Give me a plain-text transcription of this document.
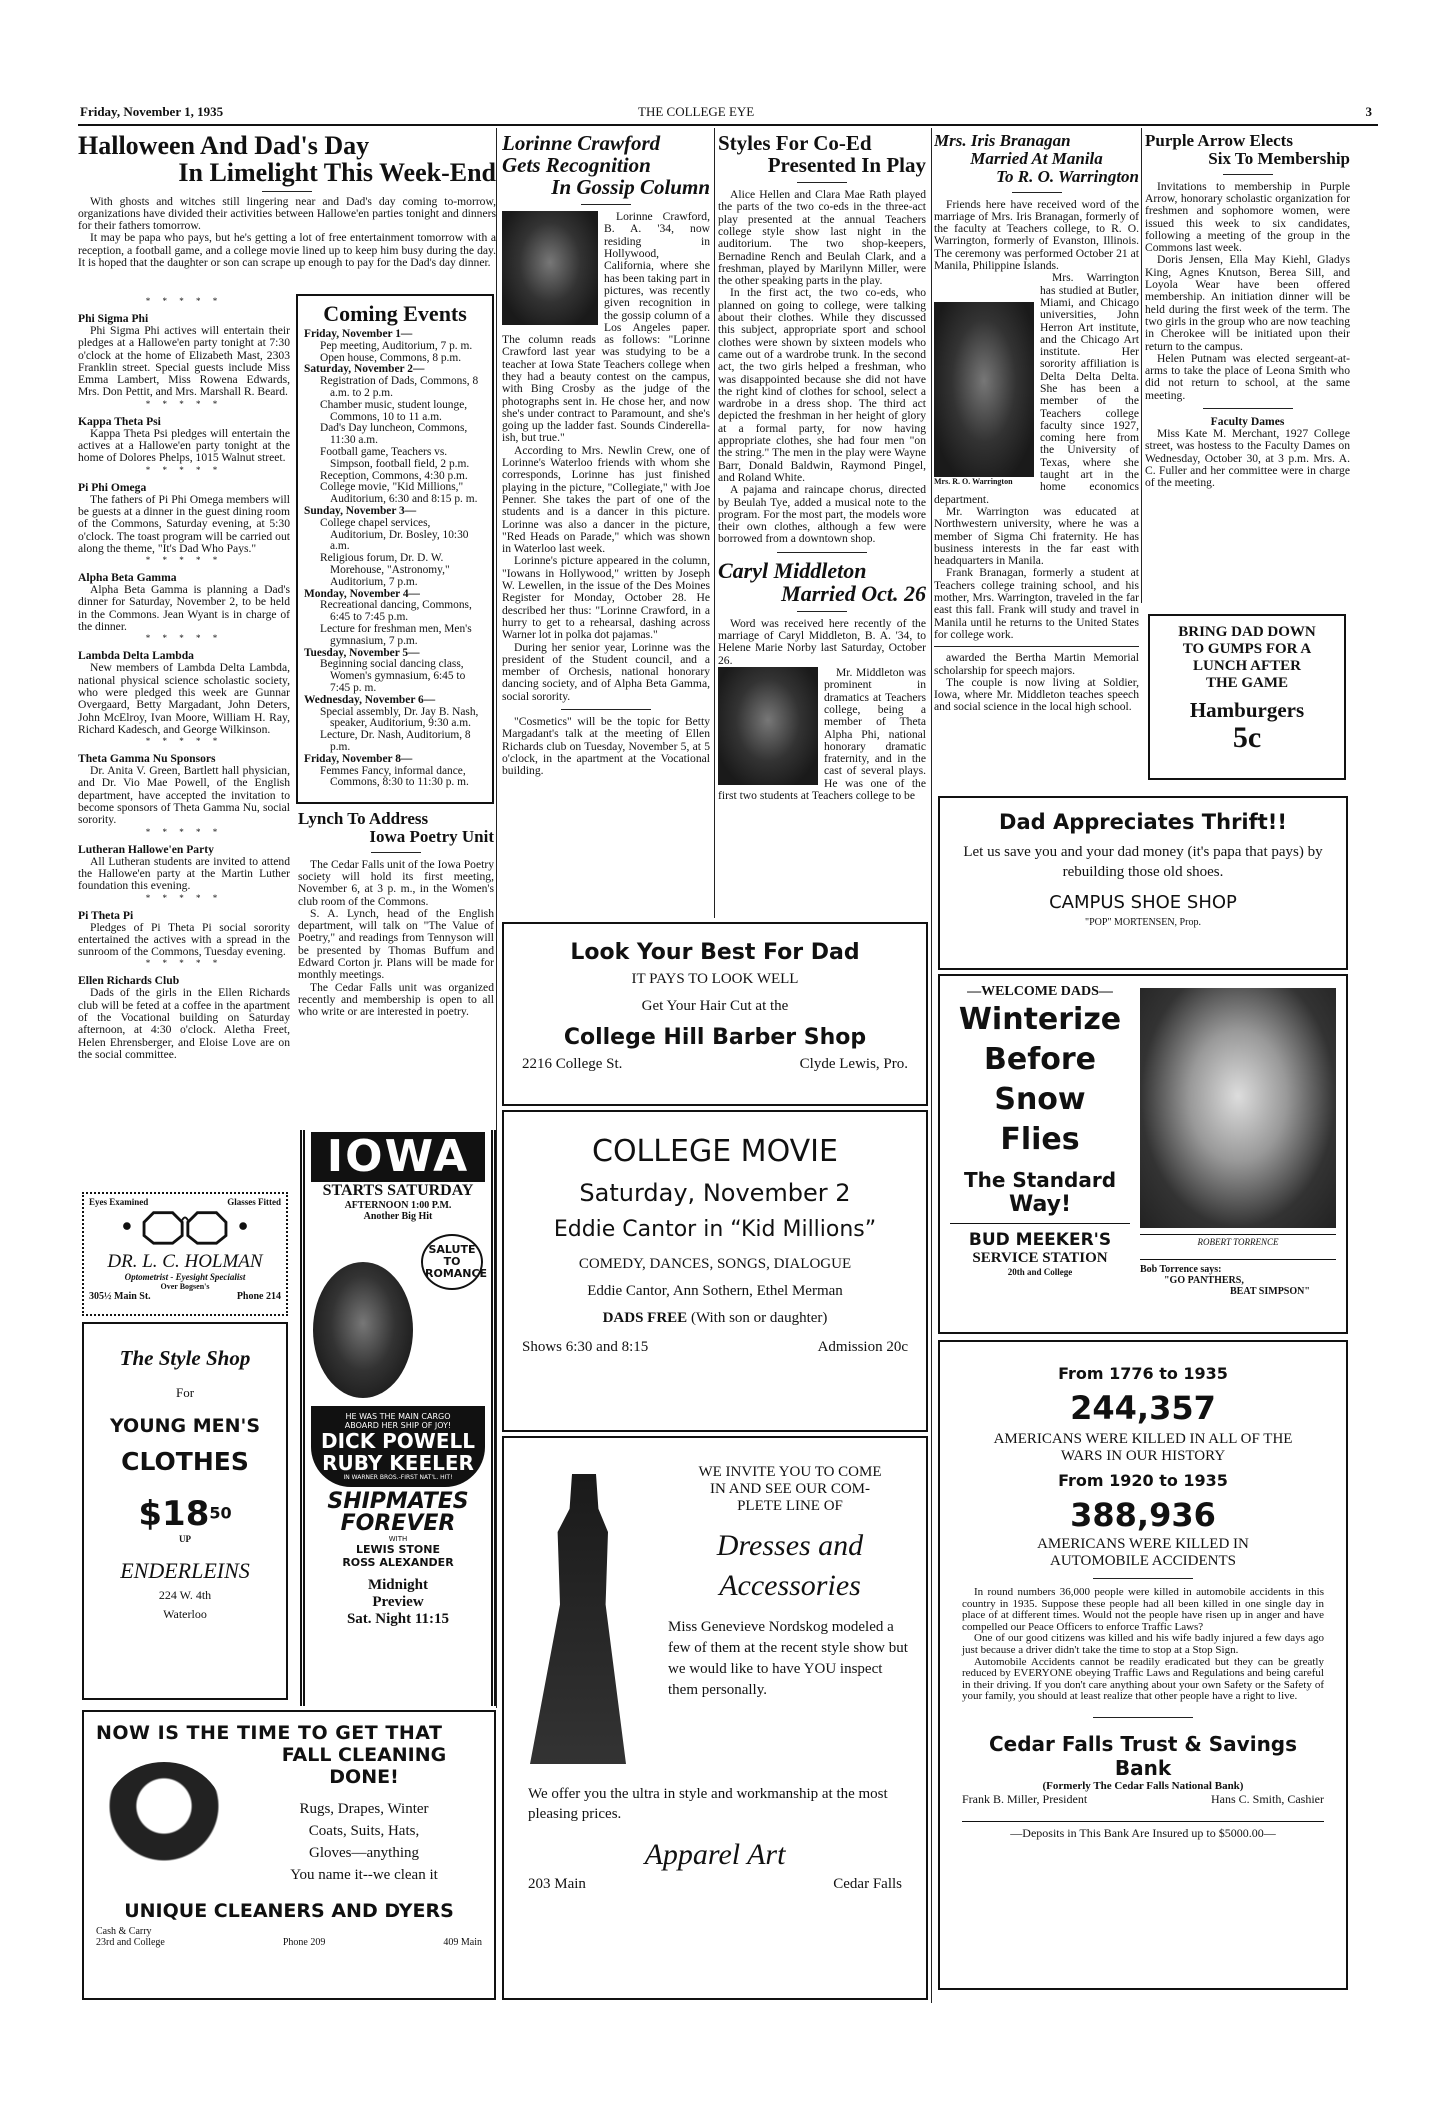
Friday, November 1, 1935	THE COLLEGE EYE	3
Halloween And Dad's Day
In Limelight This Week-End

With ghosts and witches still lingering near and Dad's day coming to-morrow, organizations have divided their activities between Hallowe'en parties tonight and dinners for their fathers tomorrow.

It may be papa who pays, but he's getting a lot of free entertainment tomorrow with a reception, a football game, and a college movie lined up to keep him busy during the day. It is hoped that the daughter or son can scrape up enough to pay for the Dad's day dinner.

* * * * *
Phi Sigma Phi

Phi Sigma Phi actives will entertain their pledges at a Hallowe'en party tonight at 7:30 o'clock at the home of Elizabeth Mast, 2303 Franklin street. Special guests include Miss Emma Lambert, Miss Rowena Edwards, Mrs. Don Pettit, and Mrs. Marshall R. Beard.

* * * * *
Kappa Theta Psi

Kappa Theta Psi pledges will entertain the actives at a Hallowe'en party tonight at the home of Dolores Phelps, 1015 Walnut street.

* * * * *
Pi Phi Omega

The fathers of Pi Phi Omega members will be guests at a dinner in the guest dining room of the Commons, Saturday evening, at 5:30 o'clock. The toast program will be carried out along the theme, "It's Dad Who Pays."

* * * * *
Alpha Beta Gamma

Alpha Beta Gamma is planning a Dad's dinner for Saturday, November 2, to be held in the Commons. Jean Wyant is in charge of the dinner.

* * * * *
Lambda Delta Lambda

New members of Lambda Delta Lambda, national physical science scholastic society, who were pledged this week are Gunnar Overgaard, Betty Margadant, John Deters, John McElroy, Ivan Moore, William H. Ray, Richard Kadesch, and George Wilkinson.

* * * * *
Theta Gamma Nu Sponsors

Dr. Anita V. Green, Bartlett hall physician, and Dr. Vio Mae Powell, of the English department, have accepted the invitation to become sponsors of Theta Gamma Nu, social sorority.

* * * * *
Lutheran Hallowe'en Party

All Lutheran students are invited to attend the Hallowe'en party at the Martin Luther foundation this evening.

* * * * *
Pi Theta Pi

Pledges of Pi Theta Pi social sorority entertained the actives with a spread in the sunroom of the Commons, Tuesday evening.

* * * * *
Ellen Richards Club

Dads of the girls in the Ellen Richards club will be feted at a coffee in the apartment of the Vocational building on Saturday afternoon, at 4:30 o'clock. Aletha Freet, Helen Ehrensberger, and Eloise Love are on the social committee.

Coming Events
Friday, November 1—
Pep meeting, Auditorium, 7 p. m.
Open house, Commons, 8 p.m.
Saturday, November 2—
Registration of Dads, Commons, 8 a.m. to 2 p.m.
Chamber music, student lounge, Commons, 10 to 11 a.m.
Dad's Day luncheon, Commons, 11:30 a.m.
Football game, Teachers vs. Simpson, football field, 2 p.m.
Reception, Commons, 4:30 p.m.
College movie, "Kid Millions," Auditorium, 6:30 and 8:15 p. m.
Sunday, November 3—
College chapel services, Auditorium, Dr. Bosley, 10:30 a.m.
Religious forum, Dr. D. W. Morehouse, "Astronomy," Auditorium, 7 p.m.
Monday, November 4—
Recreational dancing, Commons, 6:45 to 7:45 p.m.
Lecture for freshman men, Men's gymnasium, 7 p.m.
Tuesday, November 5—
Beginning social dancing class, Women's gymnasium, 6:45 to 7:45 p. m.
Wednesday, November 6—
Special assembly, Dr. Jay B. Nash, speaker, Auditorium, 9:30 a.m.
Lecture, Dr. Nash, Auditorium, 8 p.m.
Friday, November 8—
Femmes Fancy, informal dance, Commons, 8:30 to 11:30 p. m.
Lynch To Address
Iowa Poetry Unit

The Cedar Falls unit of the Iowa Poetry society will hold its first meeting, November 6, at 3 p. m., in the Women's club room of the Commons.

S. A. Lynch, head of the English department, will talk on "The Value of Poetry," and readings from Tennyson will be presented by Thomas Buffum and Edward Corton jr. Plans will be made for monthly meetings.

The Cedar Falls unit was organized recently and membership is open to all who write or are interested in poetry.

Lorinne Crawford
Gets Recognition
In Gossip Column

Lorinne Crawford, B. A. '34, now residing in Hollywood, California, where she has been taking part in pictures, was recently given recognition in the gossip column of a Los Angeles paper. The column reads as follows: "Lorinne Crawford last year was studying to be a teacher at Iowa State Teachers college when they had a beauty contest on the campus, with Bing Crosby as the judge of the photographs sent in. He chose her, and now she's under contract to Paramount, and she's going up the ladder fast. Sounds Cinderella-ish, but true."

According to Mrs. Newlin Crew, one of Lorinne's Waterloo friends with whom she corresponds, Lorinne has just finished playing in the picture, "Collegiate," with Joe Penner. She takes the part of one of the students and is a dancer in this picture. Lorinne was also a dancer in the picture, "Red Heads on Parade," which was shown in Waterloo last week.

Lorinne's picture appeared in the column, "Iowans in Hollywood," written by Joseph W. Lewellen, in the issue of the Des Moines Register for Monday, October 28. He described her thus: "Lorinne Crawford, in a hurry to get to a rehearsal, dashing across Warner lot in polka dot pajamas."

During her senior year, Lorinne was the president of the Student council, and a member of Orchesis, national honorary dancing society, and of Alpha Beta Gamma, social sorority.

"Cosmetics" will be the topic for Betty Margadant's talk at the meeting of Ellen Richards club on Tuesday, November 5, at 5 o'clock, in the apartment at the Vocational building.

Styles For Co-Ed
Presented In Play

Alice Hellen and Clara Mae Rath played the parts of the two co-eds in the three-act play presented at the annual Teachers college style show last night in the auditorium. The two shop-keepers, Bernadine Rench and Beulah Clark, and a freshman, played by Marilynn Miller, were the other speaking parts in the play.

In the first act, the two co-eds, who planned on going to college, were talking about their clothes. While they discussed this subject, appropriate sport and school clothes were shown by sixteen models who came out of a wardrobe trunk. In the second act, the two girls helped a freshman, who was disappointed because she did not have the right kind of clothes for school, select a wardrobe in a dress shop. The third act depicted the freshman in her height of glory at a formal party, for now having appropriate clothes, she had four men "on the string." The men in the play were Wayne Barr, Donald Baldwin, Raymond Pingel, and Roland White.

A pajama and raincape chorus, directed by Beulah Tye, added a musical note to the program. For the most part, the models wore their own clothes, although a few were borrowed from a downtown shop.

Caryl Middleton
Married Oct. 26

Word was received here recently of the marriage of Caryl Middleton, B. A. '34, to Helene Marie Norby last Saturday, October 26.

Mr. Middleton was prominent in dramatics at Teachers college, being a member of Theta Alpha Phi, national honorary dramatic fraternity, and in the cast of several plays. He was one of the first two students at Teachers college to be

Mrs. Iris Branagan
Married At Manila
To R. O. Warrington

Friends here have received word of the marriage of Mrs. Iris Branagan, formerly of the faculty at Teachers college, to R. O. Warrington, formerly of Evanston, Illinois. The ceremony was performed October 21 at Manila, Philippine Islands.

Mrs. R. O. Warrington

Mrs. Warrington has studied at Butler, Miami, and Chicago universities, John Herron Art institute, and the Chicago Art institute. Her sorority affiliation is Delta Delta Delta. She has been a member of the Teachers college faculty since 1927, coming here from the University of Texas, where she taught art in the home economics department.

Mr. Warrington was educated at Northwestern university, where he was a member of Sigma Chi fraternity. He has business interests in the far east with headquarters in Manila.

Frank Branagan, formerly a student at Teachers college training school, and his mother, Mrs. Warrington, traveled in the far east this fall. Frank will study and travel in Manila until he returns to the United States for college work.

awarded the Bertha Martin Memorial scholarship for speech majors.

The couple is now living at Soldier, Iowa, where Mr. Middleton teaches speech and social science in the local high school.

Purple Arrow Elects
Six To Membership

Invitations to membership in Purple Arrow, honorary scholastic organization for freshmen and sophomore women, were issued this week to six candidates, following a meeting of the group in the Commons last week.

Doris Jensen, Ella May Kiehl, Gladys King, Agnes Knutson, Berea Sill, and Loyola Wear have been offered membership. An initiation dinner will be held during the first week of the term. The two girls in the group who are now teaching in Cherokee will be initiated upon their return to the campus.

Helen Putnam was elected sergeant-at-arms to take the place of Leona Smith who did not return to school, at the same meeting.

Faculty Dames

Miss Kate M. Merchant, 1927 College street, was hostess to the Faculty Dames on Wednesday, October 30, at 3 p.m. Mrs. A. C. Fuller and her committee were in charge of the meeting.

BRING DAD DOWN
TO GUMPS FOR A
LUNCH AFTER
THE GAME
Hamburgers
5c
Eyes Examined	Glasses Fitted
DR. L. C. HOLMAN
Optometrist - Eyesight Specialist
Over Bogsen's
305½ Main St.	Phone 214
The Style Shop
For
YOUNG MEN'S
CLOTHES
$\$18^{50}$
UP
ENDERLEINS
224 W. 4th
Waterloo
IOWA
STARTS SATURDAY
AFTERNOON 1:00 P.M.
Another Big Hit
SALUTE TO ROMANCE
HE WAS THE MAIN CARGO
ABOARD HER SHIP OF JOY!
DICK POWELL
RUBY KEELER
IN WARNER BROS.-FIRST NAT'L. HIT!
SHIPMATES
FOREVER
WITH
LEWIS STONE
ROSS ALEXANDER
Midnight
Preview
Sat. Night 11:15
Look Your Best For Dad
IT PAYS TO LOOK WELL
Get Your Hair Cut at the
College Hill Barber Shop
2216 College St.	Clyde Lewis, Pro.
COLLEGE MOVIE
Saturday, November 2
Eddie Cantor in “Kid Millions”
COMEDY, DANCES, SONGS, DIALOGUE
Eddie Cantor, Ann Sothern, Ethel Merman
DADS FREE (With son or daughter)
Shows 6:30 and 8:15	Admission 20c
WE INVITE YOU TO COME
IN AND SEE OUR COM-
PLETE LINE OF
Dresses and
Accessories
Miss Genevieve Nordskog modeled a few of them at the recent style show but we would like to have YOU inspect them personally.
We offer you the ultra in style and workmanship at the most pleasing prices.
Apparel Art
203 Main	Cedar Falls
NOW IS THE TIME TO GET THAT
FALL CLEANING
DONE!
Rugs, Drapes, Winter
Coats, Suits, Hats,
Gloves—anything
You name it--we clean it
UNIQUE CLEANERS AND DYERS
Cash & Carry
23rd and College	Phone 209	409 Main
Dad Appreciates Thrift!!
Let us save you and your dad money (it's papa that pays) by rebuilding those old shoes.
CAMPUS SHOE SHOP
"POP" MORTENSEN, Prop.
—WELCOME DADS—
Winterize
Before
Snow
Flies
The Standard
Way!
BUD MEEKER'S
SERVICE STATION
20th and College
ROBERT TORRENCE
Bob Torrence says:
"GO PANTHERS,
BEAT SIMPSON"
From 1776 to 1935
244,357
AMERICANS WERE KILLED IN ALL OF THE WARS IN OUR HISTORY
From 1920 to 1935
388,936
AMERICANS WERE KILLED IN AUTOMOBILE ACCIDENTS

In round numbers 36,000 people were killed in automobile accidents in this country in 1935. Suppose these people had all been killed in one single day in place of at different times. Would not the people have risen up in anger and have compelled our Peace Officers to enforce Traffic Laws?

One of our good citizens was killed and his wife badly injured a few days ago just because a driver didn't take the time to stop at a Stop Sign.

Automobile Accidents cannot be readily eradicated but they can be greatly reduced by EVERYONE obeying Traffic Laws and Regulations and being careful in their driving. If you don't care anything about your own Safety or the Safety of your family, you should at least realize that other people have a right to live.

Cedar Falls Trust & Savings Bank
(Formerly The Cedar Falls National Bank)
Frank B. Miller, President	Hans C. Smith, Cashier
—Deposits in This Bank Are Insured up to $5000.00—
